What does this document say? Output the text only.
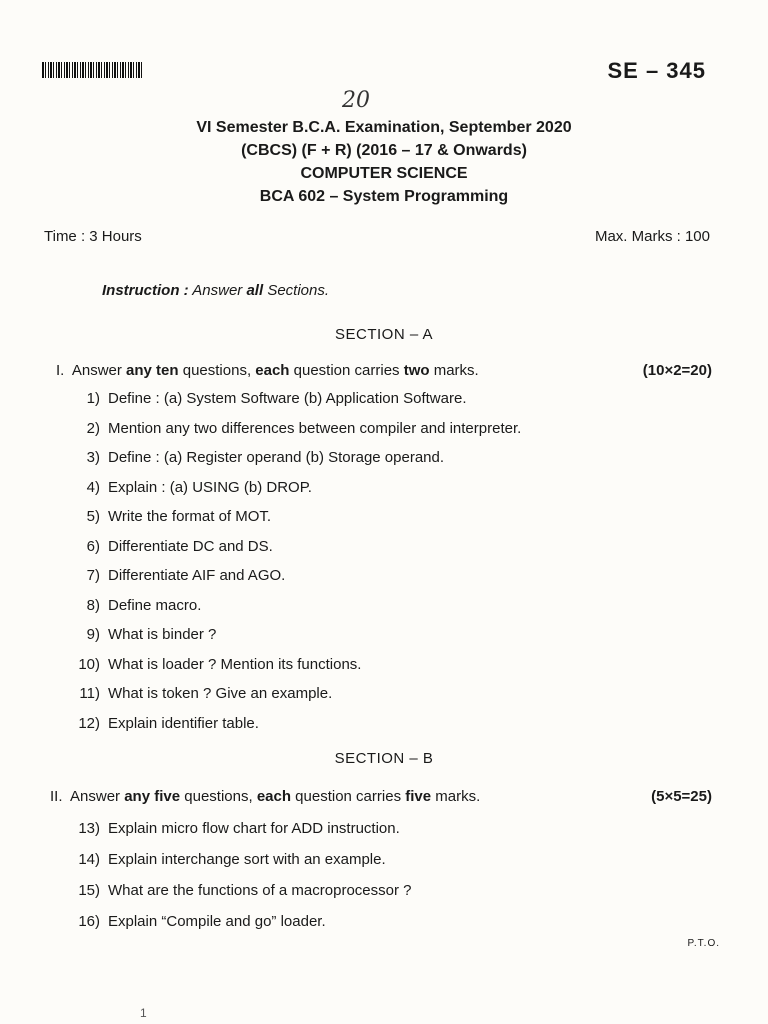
SE – 345
20
VI Semester B.C.A. Examination, September 2020
(CBCS) (F + R) (2016 – 17 & Onwards)
COMPUTER SCIENCE
BCA 602 – System Programming
Time : 3 Hours	Max. Marks : 100
Instruction : Answer all Sections.
SECTION – A
I. Answer any ten questions, each question carries two marks.	(10×2=20)
1) Define : (a) System Software (b) Application Software.
2) Mention any two differences between compiler and interpreter.
3) Define : (a) Register operand (b) Storage operand.
4) Explain : (a) USING (b) DROP.
5) Write the format of MOT.
6) Differentiate DC and DS.
7) Differentiate AIF and AGO.
8) Define macro.
9) What is binder ?
10) What is loader ? Mention its functions.
11) What is token ? Give an example.
12) Explain identifier table.
SECTION – B
II. Answer any five questions, each question carries five marks.	(5×5=25)
13) Explain micro flow chart for ADD instruction.
14) Explain interchange sort with an example.
15) What are the functions of a macroprocessor ?
16) Explain “Compile and go” loader.
P.T.O.
1
